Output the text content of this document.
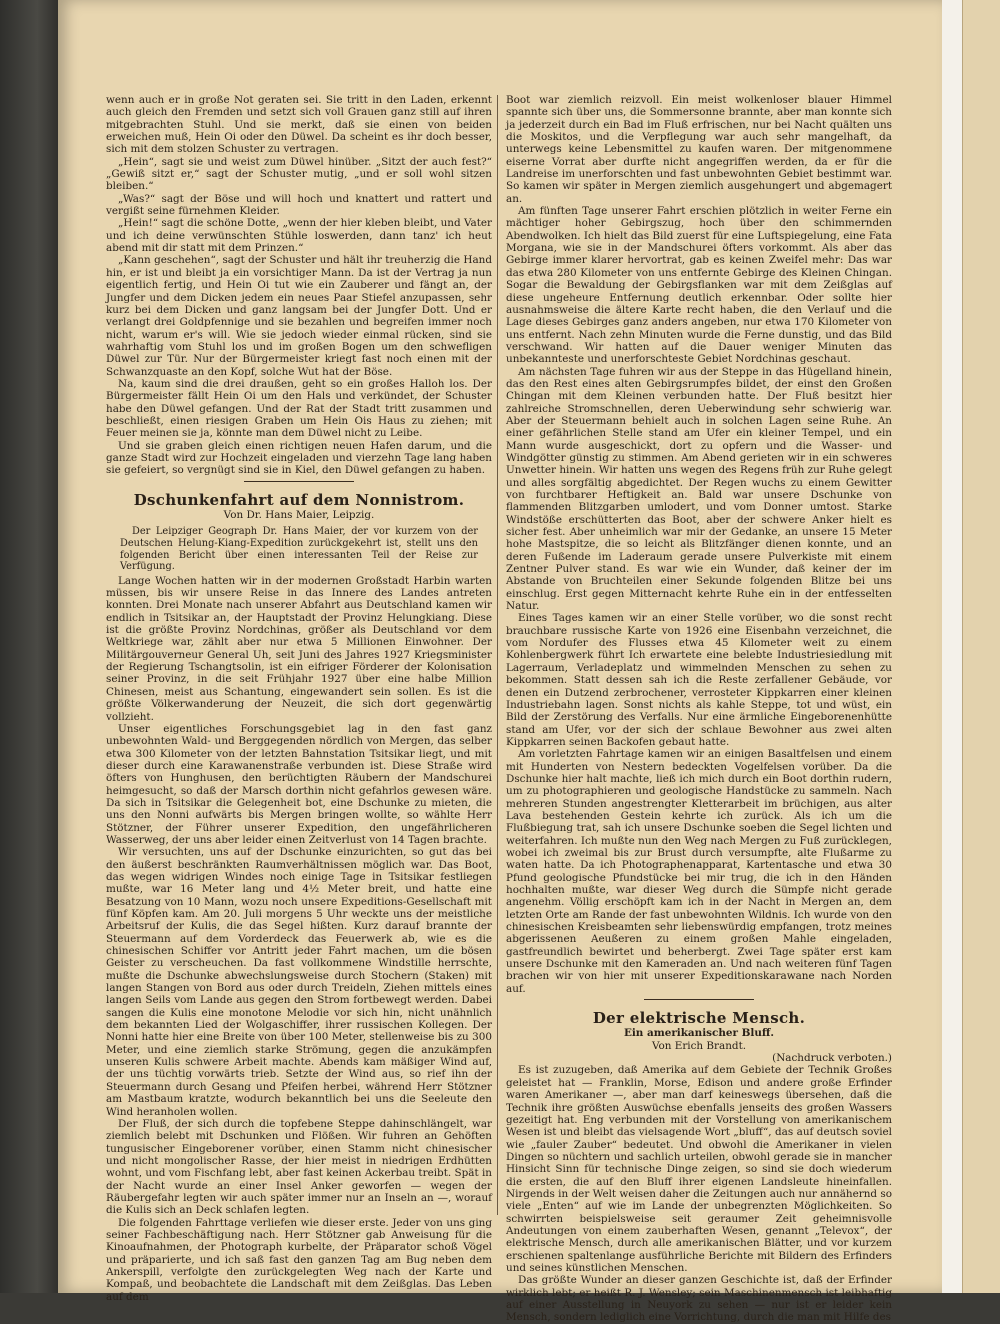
wenn auch er in große Not geraten sei. Sie tritt in den Laden, erkennt auch gleich den Fremden und setzt sich voll Grauen ganz still auf ihren mitgebrachten Stuhl. Und sie merkt, daß sie einen von beiden erweichen muß, Hein Oi oder den Düwel. Da scheint es ihr doch besser, sich mit dem stolzen Schuster zu vertragen.

„Hein“, sagt sie und weist zum Düwel hinüber. „Sitzt der auch fest?“ „Gewiß sitzt er,“ sagt der Schuster mutig, „und er soll wohl sitzen bleiben.“

„Was?“ sagt der Böse und will hoch und knattert und rattert und vergißt seine fürnehmen Kleider.

„Hein!“ sagt die schöne Dotte, „wenn der hier kleben bleibt, und Vater und ich deine verwünschten Stühle loswerden, dann tanz' ich heut abend mit dir statt mit dem Prinzen.“

„Kann geschehen“, sagt der Schuster und hält ihr treuherzig die Hand hin, er ist und bleibt ja ein vorsichtiger Mann. Da ist der Vertrag ja nun eigentlich fertig, und Hein Oi tut wie ein Zauberer und fängt an, der Jungfer und dem Dicken jedem ein neues Paar Stiefel anzupassen, sehr kurz bei dem Dicken und ganz langsam bei der Jungfer Dott. Und er verlangt drei Goldpfennige und sie bezahlen und begreifen immer noch nicht, warum er's will. Wie sie jedoch wieder einmal rücken, sind sie wahrhaftig vom Stuhl los und im großen Bogen um den schwefligen Düwel zur Tür. Nur der Bürgermeister kriegt fast noch einen mit der Schwanzquaste an den Kopf, solche Wut hat der Böse.

Na, kaum sind die drei draußen, geht so ein großes Halloh los. Der Bürgermeister fällt Hein Oi um den Hals und verkündet, der Schuster habe den Düwel gefangen. Und der Rat der Stadt tritt zusammen und beschließt, einen riesigen Graben um Hein Ois Haus zu ziehen; mit Feuer meinen sie ja, könnte man dem Düwel nicht zu Leibe.

Und sie graben gleich einen richtigen neuen Hafen darum, und die ganze Stadt wird zur Hochzeit eingeladen und vierzehn Tage lang haben sie gefeiert, so vergnügt sind sie in Kiel, den Düwel gefangen zu haben.

Dschunkenfahrt auf dem Nonnistrom.

Von Dr. Hans Maier, Leipzig.

Der Leipziger Geograph Dr. Hans Maier, der vor kurzem von der Deutschen Helung-Kiang-Expedition zurückgekehrt ist, stellt uns den folgenden Bericht über einen interessanten Teil der Reise zur Verfügung.

Lange Wochen hatten wir in der modernen Großstadt Harbin warten müssen, bis wir unsere Reise in das Innere des Landes antreten konnten. Drei Monate nach unserer Abfahrt aus Deutschland kamen wir endlich in Tsitsikar an, der Hauptstadt der Provinz Helungkiang. Diese ist die größte Provinz Nordchinas, größer als Deutschland vor dem Weltkriege war, zählt aber nur etwa 5 Millionen Einwohner. Der Militärgouverneur General Uh, seit Juni des Jahres 1927 Kriegsminister der Regierung Tschangtsolin, ist ein eifriger Förderer der Kolonisation seiner Provinz, in die seit Frühjahr 1927 über eine halbe Million Chinesen, meist aus Schantung, eingewandert sein sollen. Es ist die größte Völkerwanderung der Neuzeit, die sich dort gegenwärtig vollzieht.

Unser eigentliches Forschungsgebiet lag in den fast ganz unbewohnten Wald- und Berggegenden nördlich von Mergen, das selber etwa 300 Kilometer von der letzten Bahnstation Tsitsikar liegt, und mit dieser durch eine Karawanenstraße verbunden ist. Diese Straße wird öfters von Hunghusen, den berüchtigten Räubern der Mandschurei heimgesucht, so daß der Marsch dorthin nicht gefahrlos gewesen wäre. Da sich in Tsitsikar die Gelegenheit bot, eine Dschunke zu mieten, die uns den Nonni aufwärts bis Mergen bringen wollte, so wählte Herr Stötzner, der Führer unserer Expedition, den ungefährlicheren Wasserweg, der uns aber leider einen Zeitverlust von 14 Tagen brachte.

Wir versuchten, uns auf der Dschunke einzurichten, so gut das bei den äußerst beschränkten Raumverhältnissen möglich war. Das Boot, das wegen widrigen Windes noch einige Tage in Tsitsikar festliegen mußte, war 16 Meter lang und 4½ Meter breit, und hatte eine Besatzung von 10 Mann, wozu noch unsere Expeditions-Gesellschaft mit fünf Köpfen kam. Am 20. Juli morgens 5 Uhr weckte uns der meistliche Arbeitsruf der Kulis, die das Segel hißten. Kurz darauf brannte der Steuermann auf dem Vorderdeck das Feuerwerk ab, wie es die chinesischen Schiffer vor Antritt jeder Fahrt machen, um die bösen Geister zu verscheuchen. Da fast vollkommene Windstille herrschte, mußte die Dschunke abwechslungsweise durch Stochern (Staken) mit langen Stangen von Bord aus oder durch Treideln, Ziehen mittels eines langen Seils vom Lande aus gegen den Strom fortbewegt werden. Dabei sangen die Kulis eine monotone Melodie vor sich hin, nicht unähnlich dem bekannten Lied der Wolgaschiffer, ihrer russischen Kollegen. Der Nonni hatte hier eine Breite von über 100 Meter, stellenweise bis zu 300 Meter, und eine ziemlich starke Strömung, gegen die anzukämpfen unseren Kulis schwere Arbeit machte. Abends kam mäßiger Wind auf, der uns tüchtig vorwärts trieb. Setzte der Wind aus, so rief ihn der Steuermann durch Gesang und Pfeifen herbei, während Herr Stötzner am Mastbaum kratzte, wodurch bekanntlich bei uns die Seeleute den Wind heranholen wollen.

Der Fluß, der sich durch die topfebene Steppe dahinschlängelt, war ziemlich belebt mit Dschunken und Flößen. Wir fuhren an Gehöften tungusischer Eingeborener vorüber, einen Stamm nicht chinesischer und nicht mongolischer Rasse, der hier meist in niedrigen Erdhütten wohnt, und vom Fischfang lebt, aber fast keinen Ackerbau treibt. Spät in der Nacht wurde an einer Insel Anker geworfen — wegen der Räubergefahr legten wir auch später immer nur an Inseln an —, worauf die Kulis sich an Deck schlafen legten.

Die folgenden Fahrttage verliefen wie dieser erste. Jeder von uns ging seiner Fachbeschäftigung nach. Herr Stötzner gab Anweisung für die Kinoaufnahmen, der Photograph kurbelte, der Präparator schoß Vögel und präparierte, und ich saß fast den ganzen Tag am Bug neben dem Ankerspill, verfolgte den zurückgelegten Weg nach der Karte und Kompaß, und beobachtete die Landschaft mit dem Zeißglas. Das Leben auf dem

Boot war ziemlich reizvoll. Ein meist wolkenloser blauer Himmel spannte sich über uns, die Sommersonne brannte, aber man konnte sich ja jederzeit durch ein Bad im Fluß erfrischen, nur bei Nacht quälten uns die Moskitos, und die Verpflegung war auch sehr mangelhaft, da unterwegs keine Lebensmittel zu kaufen waren. Der mitgenommene eiserne Vorrat aber durfte nicht angegriffen werden, da er für die Landreise im unerforschten und fast unbewohnten Gebiet bestimmt war. So kamen wir später in Mergen ziemlich ausgehungert und abgemagert an.

Am fünften Tage unserer Fahrt erschien plötzlich in weiter Ferne ein mächtiger hoher Gebirgszug, hoch über den schimmernden Abendwolken. Ich hielt das Bild zuerst für eine Luftspiegelung, eine Fata Morgana, wie sie in der Mandschurei öfters vorkommt. Als aber das Gebirge immer klarer hervortrat, gab es keinen Zweifel mehr: Das war das etwa 280 Kilometer von uns entfernte Gebirge des Kleinen Chingan. Sogar die Bewaldung der Gebirgsflanken war mit dem Zeißglas auf diese ungeheure Entfernung deutlich erkennbar. Oder sollte hier ausnahmsweise die ältere Karte recht haben, die den Verlauf und die Lage dieses Gebirges ganz anders angeben, nur etwa 170 Kilometer von uns entfernt. Nach zehn Minuten wurde die Ferne dunstig, und das Bild verschwand. Wir hatten auf die Dauer weniger Minuten das unbekannteste und unerforschteste Gebiet Nordchinas geschaut.

Am nächsten Tage fuhren wir aus der Steppe in das Hügelland hinein, das den Rest eines alten Gebirgsrumpfes bildet, der einst den Großen Chingan mit dem Kleinen verbunden hatte. Der Fluß besitzt hier zahlreiche Stromschnellen, deren Ueberwindung sehr schwierig war. Aber der Steuermann behielt auch in solchen Lagen seine Ruhe. An einer gefährlichen Stelle stand am Ufer ein kleiner Tempel, und ein Mann wurde ausgeschickt, dort zu opfern und die Wasser- und Windgötter günstig zu stimmen. Am Abend gerieten wir in ein schweres Unwetter hinein. Wir hatten uns wegen des Regens früh zur Ruhe gelegt und alles sorgfältig abgedichtet. Der Regen wuchs zu einem Gewitter von furchtbarer Heftigkeit an. Bald war unsere Dschunke von flammenden Blitzgarben umlodert, und vom Donner umtost. Starke Windstöße erschütterten das Boot, aber der schwere Anker hielt es sicher fest. Aber unheimlich war mir der Gedanke, an unsere 15 Meter hohe Mastspitze, die so leicht als Blitzfänger dienen konnte, und an deren Fußende im Laderaum gerade unsere Pulverkiste mit einem Zentner Pulver stand. Es war wie ein Wunder, daß keiner der im Abstande von Bruchteilen einer Sekunde folgenden Blitze bei uns einschlug. Erst gegen Mitternacht kehrte Ruhe ein in der entfesselten Natur.

Eines Tages kamen wir an einer Stelle vorüber, wo die sonst recht brauchbare russische Karte von 1926 eine Eisenbahn verzeichnet, die vom Nordufer des Flusses etwa 45 Kilometer weit zu einem Kohlenbergwerk führt Ich erwartete eine belebte Industriesiedlung mit Lagerraum, Verladeplatz und wimmelnden Menschen zu sehen zu bekommen. Statt dessen sah ich die Reste zerfallener Gebäude, vor denen ein Dutzend zerbrochener, verrosteter Kippkarren einer kleinen Industriebahn lagen. Sonst nichts als kahle Steppe, tot und wüst, ein Bild der Zerstörung des Verfalls. Nur eine ärmliche Eingeborenenhütte stand am Ufer, vor der sich der schlaue Bewohner aus zwei alten Kippkarren seinen Backofen gebaut hatte.

Am vorletzten Fahrtage kamen wir an einigen Basaltfelsen und einem mit Hunderten von Nestern bedeckten Vogelfelsen vorüber. Da die Dschunke hier halt machte, ließ ich mich durch ein Boot dorthin rudern, um zu photographieren und geologische Handstücke zu sammeln. Nach mehreren Stunden angestrengter Kletterarbeit im brüchigen, aus alter Lava bestehenden Gestein kehrte ich zurück. Als ich um die Flußbiegung trat, sah ich unsere Dschunke soeben die Segel lichten und weiterfahren. Ich mußte nun den Weg nach Mergen zu Fuß zurücklegen, wobei ich zweimal bis zur Brust durch versumpfte, alte Flußarme zu waten hatte. Da ich Photographenapparat, Kartentasche und etwa 30 Pfund geologische Pfundstücke bei mir trug, die ich in den Händen hochhalten mußte, war dieser Weg durch die Sümpfe nicht gerade angenehm. Völlig erschöpft kam ich in der Nacht in Mergen an, dem letzten Orte am Rande der fast unbewohnten Wildnis. Ich wurde von den chinesischen Kreisbeamten sehr liebenswürdig empfangen, trotz meines abgerissenen Aeußeren zu einem großen Mahle eingeladen, gastfreundlich bewirtet und beherbergt. Zwei Tage später erst kam unsere Dschunke mit den Kameraden an. Und nach weiteren fünf Tagen brachen wir von hier mit unserer Expeditionskarawane nach Norden auf.

Der elektrische Mensch.

Ein amerikanischer Bluff.

Von Erich Brandt.

(Nachdruck verboten.)

Es ist zuzugeben, daß Amerika auf dem Gebiete der Technik Großes geleistet hat — Franklin, Morse, Edison und andere große Erfinder waren Amerikaner —, aber man darf keineswegs übersehen, daß die Technik ihre größten Auswüchse ebenfalls jenseits des großen Wassers gezeitigt hat. Eng verbunden mit der Vorstellung von amerikanischem Wesen ist und bleibt das vielsagende Wort „bluff“, das auf deutsch soviel wie „fauler Zauber“ bedeutet. Und obwohl die Amerikaner in vielen Dingen so nüchtern und sachlich urteilen, obwohl gerade sie in mancher Hinsicht Sinn für technische Dinge zeigen, so sind sie doch wiederum die ersten, die auf den Bluff ihrer eigenen Landsleute hineinfallen. Nirgends in der Welt weisen daher die Zeitungen auch nur annähernd so viele „Enten“ auf wie im Lande der unbegrenzten Möglichkeiten. So schwirrten beispielsweise seit geraumer Zeit geheimnisvolle Andeutungen von einem zauberhaften Wesen, genannt „Televox“, der elektrische Mensch, durch alle amerikanischen Blätter, und vor kurzem erschienen spaltenlange ausführliche Berichte mit Bildern des Erfinders und seines künstlichen Menschen.

Das größte Wunder an dieser ganzen Geschichte ist, daß der Erfinder wirklich lebt; er heißt R. J. Wensley; sein Maschinenmensch ist leibhaftig auf einer Ausstellung in Neuyork zu sehen — nur ist er leider kein Mensch, sondern lediglich eine Vorrichtung, durch die man mit Hilfe des
